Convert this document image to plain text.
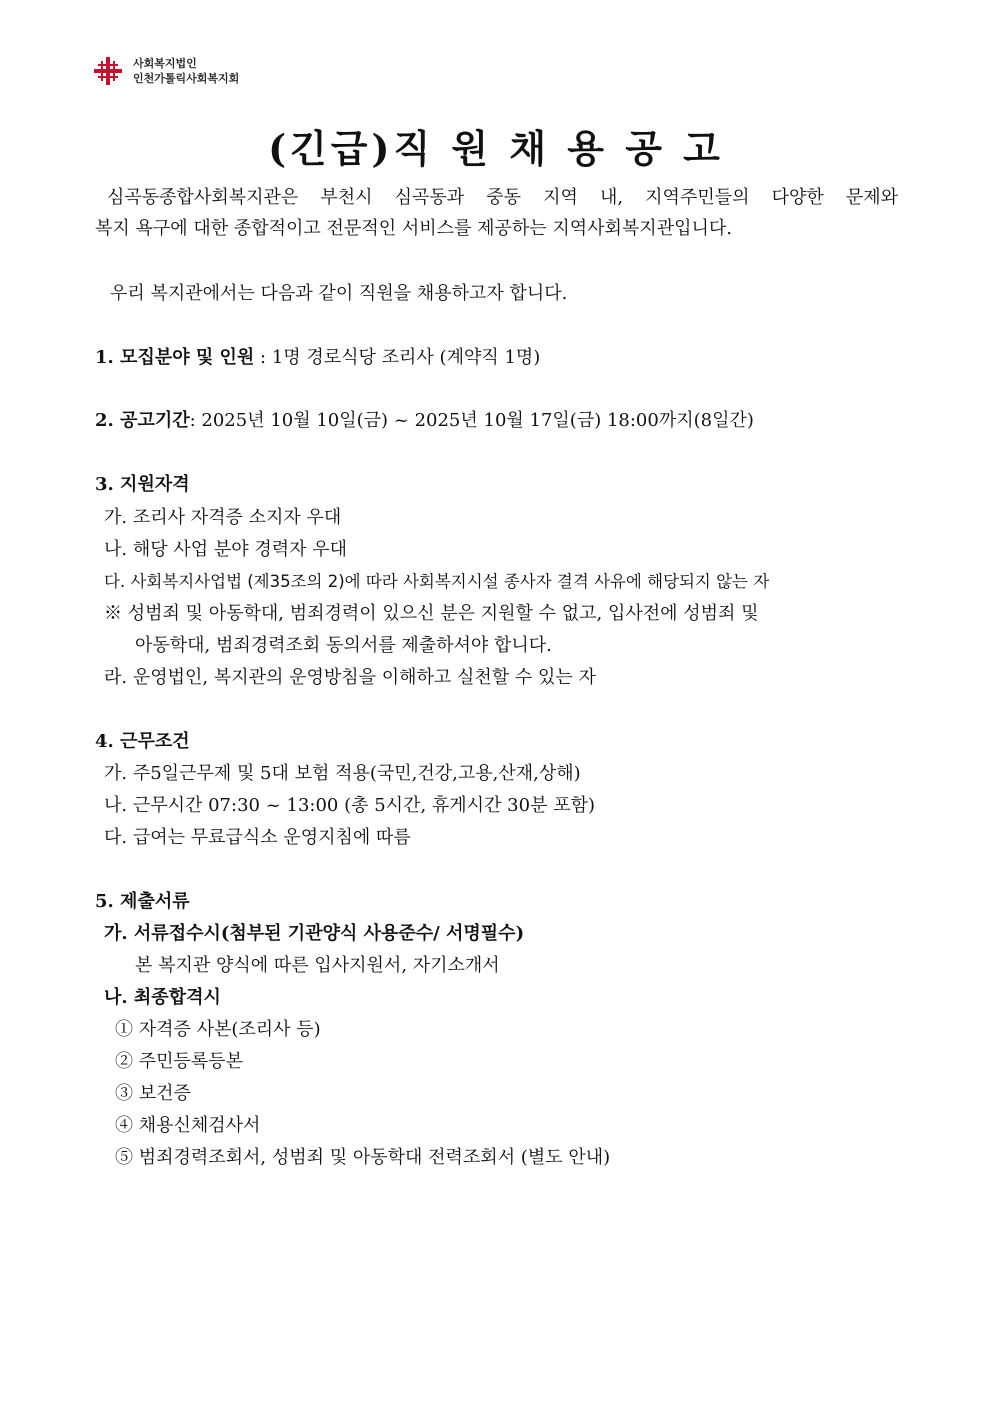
사회복지법인
인천가톨릭사회복지회
(긴급)직 원 채 용 공 고
심곡동종합사회복지관은 부천시 심곡동과 중동 지역 내, 지역주민들의 다양한 문제와
복지 욕구에 대한 종합적이고 전문적인 서비스를 제공하는 지역사회복지관입니다.
우리 복지관에서는 다음과 같이 직원을 채용하고자 합니다.
1. 모집분야 및 인원 : 1명 경로식당 조리사 (계약직 1명)
2. 공고기간: 2025년 10월 10일(금) ~ 2025년 10월 17일(금) 18:00까지(8일간)
3. 지원자격
가. 조리사 자격증 소지자 우대
나. 해당 사업 분야 경력자 우대
다. 사회복지사업법 (제35조의 2)에 따라 사회복지시설 종사자 결격 사유에 해당되지 않는 자
※ 성범죄 및 아동학대, 범죄경력이 있으신 분은 지원할 수 없고, 입사전에 성범죄 및
아동학대, 범죄경력조회 동의서를 제출하셔야 합니다.
라. 운영법인, 복지관의 운영방침을 이해하고 실천할 수 있는 자
4. 근무조건
가. 주5일근무제 및 5대 보험 적용(국민,건강,고용,산재,상해)
나. 근무시간 07:30 ~ 13:00 (총 5시간, 휴게시간 30분 포함)
다. 급여는 무료급식소 운영지침에 따름
5. 제출서류
가. 서류접수시(첨부된 기관양식 사용준수/ 서명필수)
본 복지관 양식에 따른 입사지원서, 자기소개서
나. 최종합격시
① 자격증 사본(조리사 등)
② 주민등록등본
③ 보건증
④ 채용신체검사서
⑤ 범죄경력조회서, 성범죄 및 아동학대 전력조회서 (별도 안내)
